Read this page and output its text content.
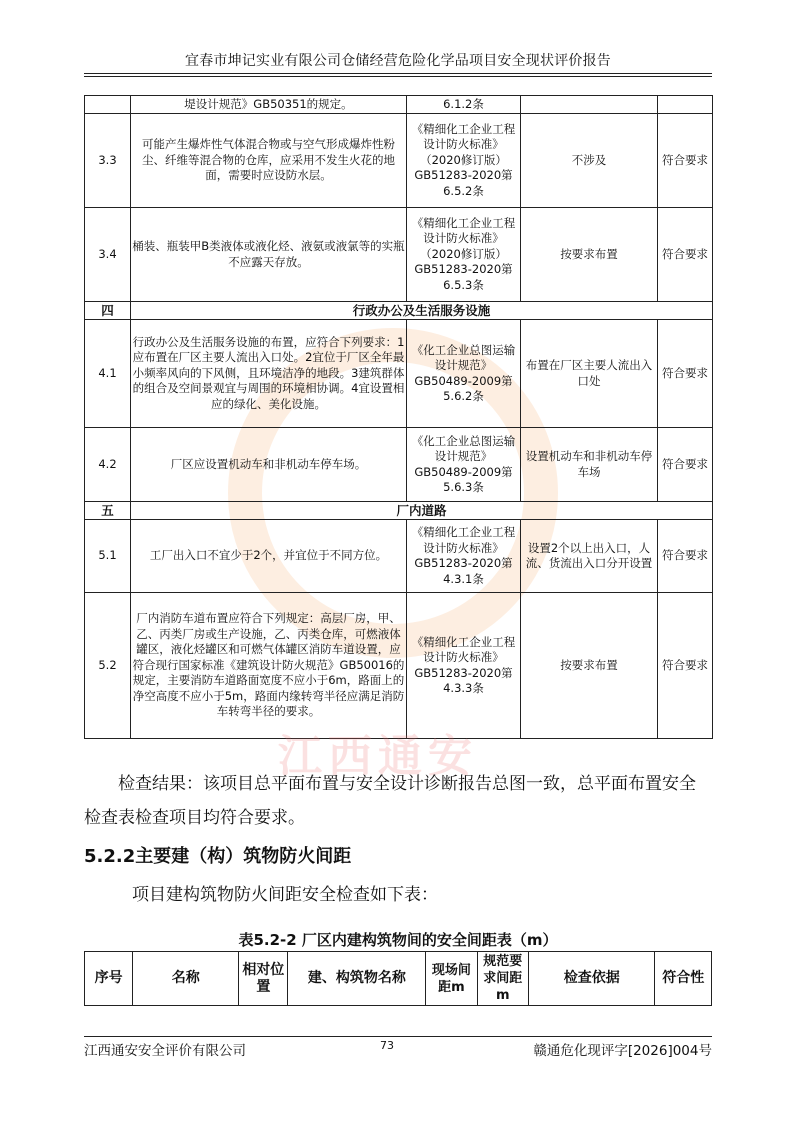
宜春市坤记实业有限公司仓储经营危险化学品项目安全现状评价报告
	堤设计规范》GB50351的规定。	6.1.2条		
3.3	可能产生爆炸性气体混合物或与空气形成爆炸性粉尘、纤维等混合物的仓库，应采用不发生火花的地面，需要时应设防水层。	《精细化工企业工程设计防火标准》（2020修订版）GB51283-2020第6.5.2条	不涉及	符合要求
3.4	桶装、瓶装甲B类液体或液化烃、液氨或液氯等的实瓶不应露天存放。	《精细化工企业工程设计防火标准》（2020修订版）GB51283-2020第6.5.3条	按要求布置	符合要求
四	行政办公及生活服务设施			
4.1	行政办公及生活服务设施的布置，应符合下列要求：1应布置在厂区主要人流出入口处。2宜位于厂区全年最小频率风向的下风侧，且环境洁净的地段。3建筑群体的组合及空间景观宜与周围的环境相协调。4宜设置相应的绿化、美化设施。	《化工企业总图运输设计规范》GB50489-2009第5.6.2条	布置在厂区主要人流出入口处	符合要求
4.2	厂区应设置机动车和非机动车停车场。	《化工企业总图运输设计规范》GB50489-2009第5.6.3条	设置机动车和非机动车停车场	符合要求
五	厂内道路			
5.1	工厂出入口不宜少于2个，并宜位于不同方位。	《精细化工企业工程设计防火标准》GB51283-2020第4.3.1条	设置2个以上出入口，人流、货流出入口分开设置	符合要求
5.2	厂内消防车道布置应符合下列规定：高层厂房，甲、乙、丙类厂房或生产设施，乙、丙类仓库，可燃液体罐区，液化烃罐区和可燃气体罐区消防车道设置，应符合现行国家标准《建筑设计防火规范》GB50016的规定，主要消防车道路面宽度不应小于6m，路面上的净空高度不应小于5m，路面内缘转弯半径应满足消防车转弯半径的要求。	《精细化工企业工程设计防火标准》GB51283-2020第4.3.3条	按要求布置	符合要求
江西通安
检查结果：该项目总平面布置与安全设计诊断报告总图一致，总平面布置安全检查表检查项目均符合要求。
5.2.2主要建（构）筑物防火间距
项目建构筑物防火间距安全检查如下表：
表5.2-2 厂区内建构筑物间的安全间距表（m）
序号	名称	相对位置	建、构筑物名称	现场间距m	规范要求间距m	检查依据	符合性
江西通安安全评价有限公司	73	赣通危化现评字[2026]004号
